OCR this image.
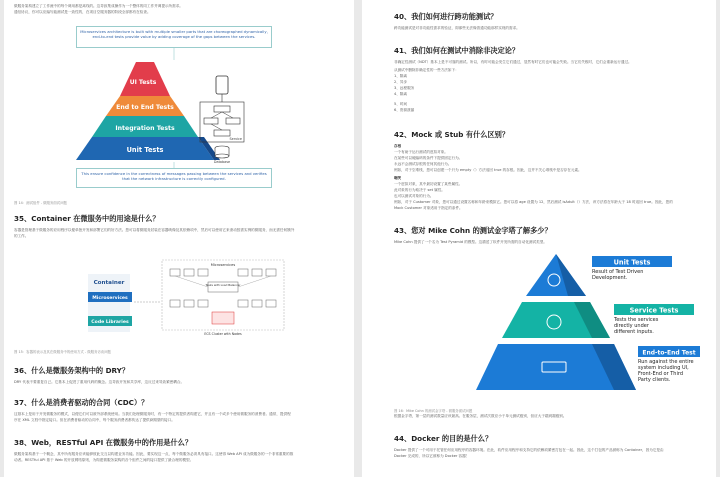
微服务架构建立了工作流中的每个调用都是离线的。这导致集成操作为一个整体的同工作并调提示所需求。
通信协议，你可以应编写能测试是一致性的，在项目空服务器的阶段全部都有在检查。
Microservices architecture is built with multiple smaller parts that are choreographed dynamically, end-to-end tests provide value by adding coverage of the gaps between the services.
UI Tests
End to End Tests
Integration Tests
Unit Tests
Service
Database
This ensure confidence in the correctness of messages passing between the services and verifies that the network infrastructure is correctly configured.
图 14：测试组件 - 微服务面试问题
35、Container 在微服务中的用途是什么？
容器是管理基于微服务的应用程序以便单独开发和部署它们的好方法。您可以将微服务封装在容器映像及其依赖项中，然后可以使用它来滚动按需实例的微服务，而无需任何额外
的工作。
Container
Microservices
Code Libraries
Microservices
Tasks with Load Balancer
ECS Cluster with Nodes
图 15：容器的表示及其在微服务中的使用方式 - 微服务访谈问题
36、什么是微服务架构中的 DRY？
DRY 代表不要重复自己。它基本上促进了重用代码的概念。这导致开发和共享库，这反过来导致紧密耦合。
37、什么是消费者驱动的合同（CDC）？
这基本上是用于开发微服务的模式，以便它们可以被外部系统使用。当我们处理微服务时，有一个特定的提供者构建它，并且有一个或多个使用微服务的消费者。通常，提供程
序在 XML 文档中指定接口。但在消费者驱动的合同中，每个服务消费者都传达了提供商期望的接口。
38、Web，RESTful API 在微服务中的作用是什么？
微服务架构基于一个概念，其中所有服务应该能够彼此交互以构建业务功能。因此，要实现这一点，每个微服务必须具有接口。这使得 Web API 成为微服务的一个非常重要的推
动者。RESTful API 基于 Web 的开放网络原则，为构建微服务架构的各个组件之间的接口提供了最合理的模型。
40、我们如何进行跨功能测试？
跨功能测试是对非功能性需求的验证，即那些无法像普通功能那样实现的需求。
41、我们如何在测试中消除非决定论？
非确定性测试（NDT）基本上是不可靠的测试。所以，有时可能会发生它们通过，显然有时它们也可能会失败。当它们失败时，它们会重新运行通过。
从测试中删除非确定性的一些方法如下：
1、隔离
2、异步
3、远程服务
4、隔离
5、时间
6、资源泄漏
42、Mock 或 Stub 有什么区别？
存根
一个有助于运行测试的虚拟对象。
在某些可以硬编码的条件下提供固定行为。
永远不会测试存根的任何其他行为。
例如，对于空堆栈，您可以创建一个只为 empty（）方法返回 true 的存根。因此，这并不关心堆栈中是否存在元素。
嘲笑
一个虚拟对象，其中最初设置了某些属性。
此对象的行为取决于 set 属性。
也可以测试对象的行为。
例如，对于 Customer 对象，您可以通过设置名称和年龄来模拟它。您可以将 age 设置为 12，然后测试 isAdult（）方法，该方法将在年龄大于 18 时返回 true。因此，您的
Mock Customer 对象适用于指定的条件。
43、您对 Mike Cohn 的测试金字塔了解多少？
Mike Cohn 提供了一个名为 Test Pyramid 的模型。这描述了软件开发所需的自动化测试类型。
Unit Tests
Result of Test Driven
Development.
Service Tests
Tests the services
directly under
different inputs.
End-to-End Test
Run against the entire
system including UI,
Front-End or Third
Party clients.
图 16：Mike Cohn 的测试金字塔 - 微服务面试问题
根据金字塔，第一层的测试数量应该最高。在服务层，测试次数应小于单元测试级别，但应大于端到端级别。
44、Docker 的目的是什么？
Docker 提供了一个可用于托管任何应用程序的容器环境。在此，软件应用程序和支持它的依赖项紧密打包在一起。因此，这个打包的产品被称为 Container，因为它是由
Docker 完成的，所以它被称为 Docker 容器！
